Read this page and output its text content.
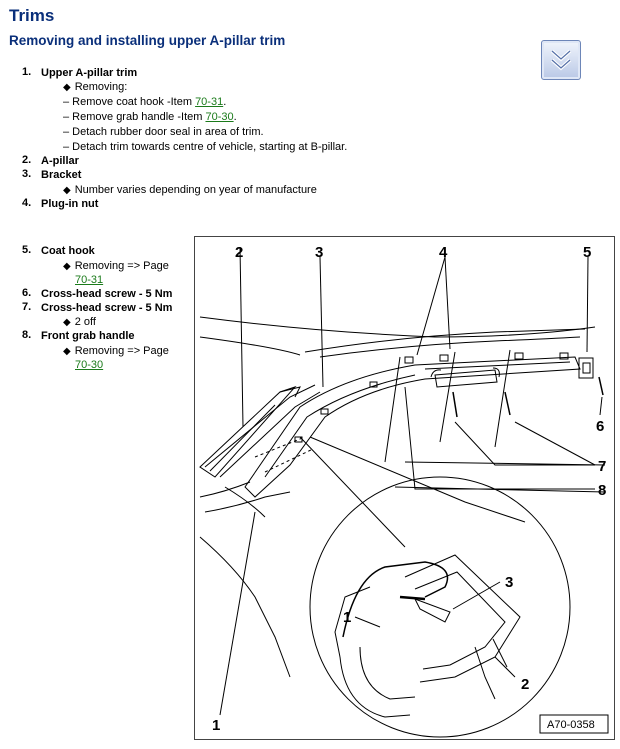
Trims
Removing and installing upper A-pillar trim
1. Upper A-pillar trim
◆ Removing:
– Remove coat hook -Item 70-31.
– Remove grab handle -Item 70-30.
– Detach rubber door seal in area of trim.
– Detach trim towards centre of vehicle, starting at B-pillar.
2. A-pillar
3. Bracket
◆ Number varies depending on year of manufacture
4. Plug-in nut
5. Coat hook
◆ Removing => Page
70-31
6. Cross-head screw - 5 Nm
7. Cross-head screw - 5 Nm
◆ 2 off
8. Front grab handle
◆ Removing => Page
70-30
2	3	4	5
6
7
8
1
1
2
3
A70-0358
